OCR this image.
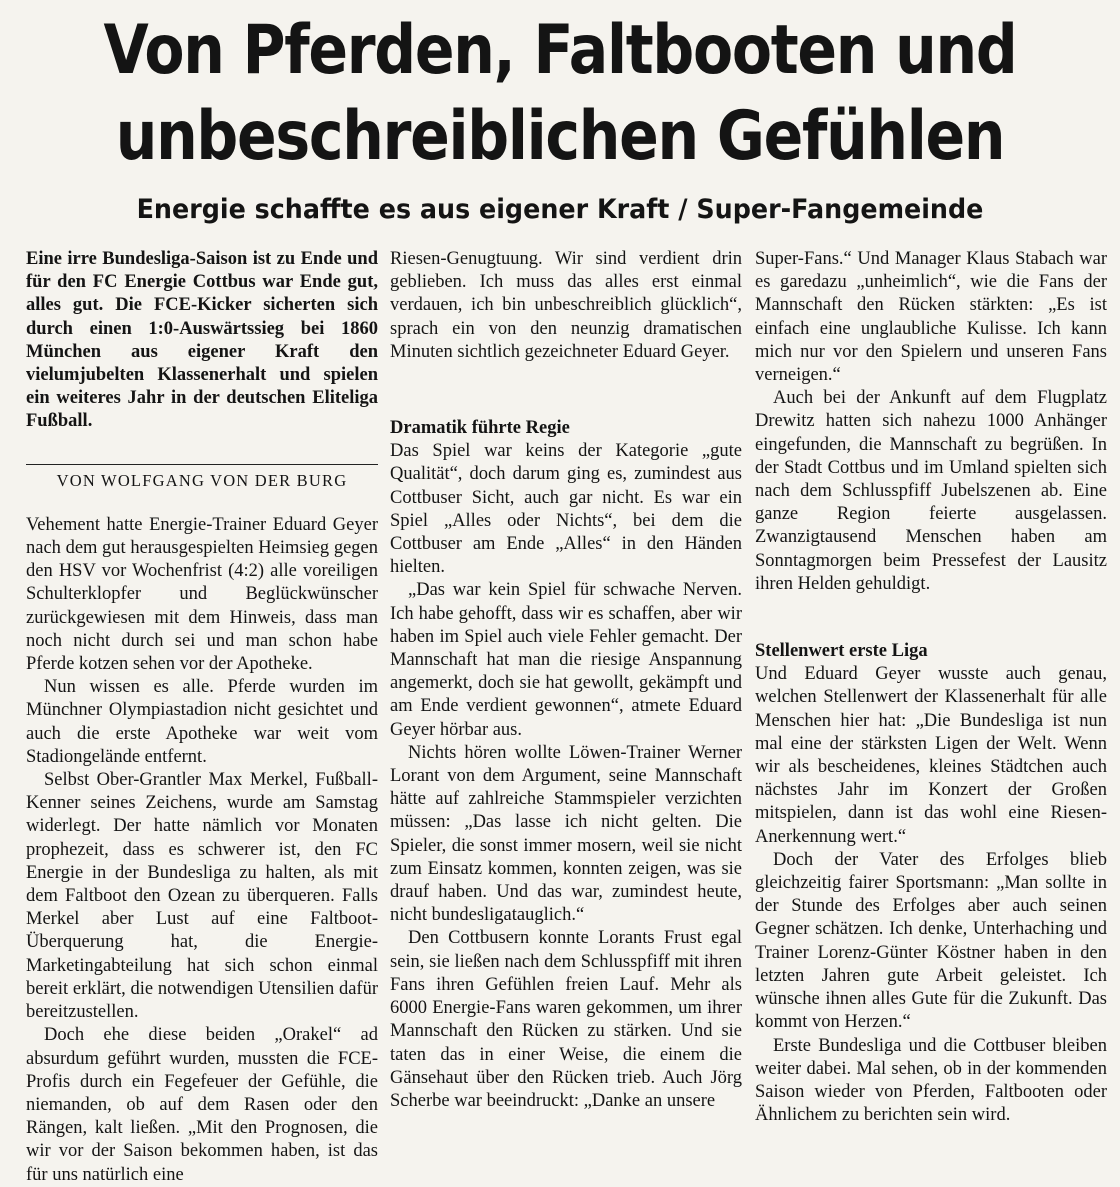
Von Pferden, Faltbooten und
unbeschreiblichen Gefühlen
Energie schaffte es aus eigener Kraft / Super-Fangemeinde

Eine irre Bundesliga-Saison ist zu Ende und für den FC Energie Cottbus war Ende gut, alles gut. Die FCE-Kicker sicherten sich durch einen 1:0-Auswärtssieg bei 1860 München aus eigener Kraft den vielumjubelten Klassenerhalt und spielen ein weiteres Jahr in der deutschen Eliteliga Fußball.

VON WOLFGANG VON DER BURG

Vehement hatte Energie-Trainer Eduard Geyer nach dem gut herausgespielten Heimsieg gegen den HSV vor Wochenfrist (4:2) alle voreiligen Schulterklopfer und Beglückwünscher zurückgewiesen mit dem Hinweis, dass man noch nicht durch sei und man schon habe Pferde kotzen sehen vor der Apotheke.

Nun wissen es alle. Pferde wurden im Münchner Olympiastadion nicht gesichtet und auch die erste Apotheke war weit vom Stadiongelände entfernt.

Selbst Ober-Grantler Max Merkel, Fußball-Kenner seines Zeichens, wurde am Samstag widerlegt. Der hatte nämlich vor Monaten prophezeit, dass es schwerer ist, den FC Energie in der Bundesliga zu halten, als mit dem Faltboot den Ozean zu überqueren. Falls Merkel aber Lust auf eine Faltboot-Überquerung hat, die Energie-Marketingabteilung hat sich schon einmal bereit erklärt, die notwendigen Utensilien dafür bereitzustellen.

Doch ehe diese beiden „Orakel“ ad absurdum geführt wurden, mussten die FCE-Profis durch ein Fegefeuer der Gefühle, die niemanden, ob auf dem Rasen oder den Rängen, kalt ließen. „Mit den Prognosen, die wir vor der Saison bekommen haben, ist das für uns natürlich eine

Riesen-Genugtuung. Wir sind verdient drin geblieben. Ich muss das alles erst einmal verdauen, ich bin unbeschreiblich glücklich“, sprach ein von den neunzig dramatischen Minuten sichtlich gezeichneter Eduard Geyer.

Dramatik führte Regie

Das Spiel war keins der Kategorie „gute Qualität“, doch darum ging es, zumindest aus Cottbuser Sicht, auch gar nicht. Es war ein Spiel „Alles oder Nichts“, bei dem die Cottbuser am Ende „Alles“ in den Händen hielten.

„Das war kein Spiel für schwache Nerven. Ich habe gehofft, dass wir es schaffen, aber wir haben im Spiel auch viele Fehler gemacht. Der Mannschaft hat man die riesige Anspannung angemerkt, doch sie hat gewollt, gekämpft und am Ende verdient gewonnen“, atmete Eduard Geyer hörbar aus.

Nichts hören wollte Löwen-Trainer Werner Lorant von dem Argument, seine Mannschaft hätte auf zahlreiche Stammspieler verzichten müssen: „Das lasse ich nicht gelten. Die Spieler, die sonst immer mosern, weil sie nicht zum Einsatz kommen, konnten zeigen, was sie drauf haben. Und das war, zumindest heute, nicht bundesligatauglich.“

Den Cottbusern konnte Lorants Frust egal sein, sie ließen nach dem Schlusspfiff mit ihren Fans ihren Gefühlen freien Lauf. Mehr als 6000 Energie-Fans waren gekommen, um ihrer Mannschaft den Rücken zu stärken. Und sie taten das in einer Weise, die einem die Gänsehaut über den Rücken trieb. Auch Jörg Scherbe war beeindruckt: „Danke an unsere

Super-Fans.“ Und Manager Klaus Stabach war es garedazu „unheimlich“, wie die Fans der Mannschaft den Rücken stärkten: „Es ist einfach eine unglaubliche Kulisse. Ich kann mich nur vor den Spielern und unseren Fans verneigen.“

Auch bei der Ankunft auf dem Flugplatz Drewitz hatten sich nahezu 1000 Anhänger eingefunden, die Mannschaft zu begrüßen. In der Stadt Cottbus und im Umland spielten sich nach dem Schlusspfiff Jubelszenen ab. Eine ganze Region feierte ausgelassen. Zwanzigtausend Menschen haben am Sonntagmorgen beim Pressefest der Lausitz ihren Helden gehuldigt.

Stellenwert erste Liga

Und Eduard Geyer wusste auch genau, welchen Stellenwert der Klassenerhalt für alle Menschen hier hat: „Die Bundesliga ist nun mal eine der stärksten Ligen der Welt. Wenn wir als bescheidenes, kleines Städtchen auch nächstes Jahr im Konzert der Großen mitspielen, dann ist das wohl eine Riesen-Anerkennung wert.“

Doch der Vater des Erfolges blieb gleichzeitig fairer Sportsmann: „Man sollte in der Stunde des Erfolges aber auch seinen Gegner schätzen. Ich denke, Unterhaching und Trainer Lorenz-Günter Köstner haben in den letzten Jahren gute Arbeit geleistet. Ich wünsche ihnen alles Gute für die Zukunft. Das kommt von Herzen.“

Erste Bundesliga und die Cottbuser bleiben weiter dabei. Mal sehen, ob in der kommenden Saison wieder von Pferden, Faltbooten oder Ähnlichem zu berichten sein wird.
